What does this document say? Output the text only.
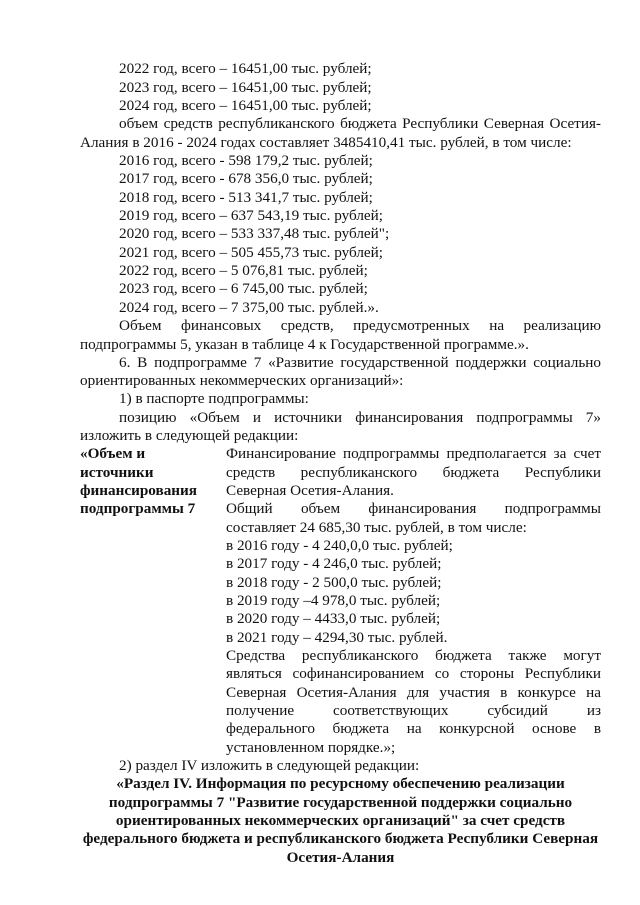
2022 год, всего – 16451,00 тыс. рублей;
2023 год, всего – 16451,00 тыс. рублей;
2024 год, всего – 16451,00 тыс. рублей;
объем средств республиканского бюджета Республики Северная Осетия-
Алания в 2016 - 2024 годах составляет 3485410,41 тыс. рублей, в том числе:
2016 год, всего - 598 179,2 тыс. рублей;
2017 год, всего - 678 356,0 тыс. рублей;
2018 год, всего - 513 341,7 тыс. рублей;
2019 год, всего – 637 543,19 тыс. рублей;
2020 год, всего – 533 337,48 тыс. рублей";
2021 год, всего – 505 455,73 тыс. рублей;
2022 год, всего – 5 076,81 тыс. рублей;
2023 год, всего – 6 745,00 тыс. рублей;
2024 год, всего – 7 375,00 тыс. рублей.».
Объем финансовых средств, предусмотренных на реализацию
подпрограммы 5, указан в таблице 4 к Государственной программе.».
6. В подпрограмме 7 «Развитие государственной поддержки социально
ориентированных некоммерческих организаций»:
1) в паспорте подпрограммы:
позицию «Объем и источники финансирования подпрограммы 7»
изложить в следующей редакции:
«Объем и
источники
финансирования
подпрограммы 7
Финансирование подпрограммы предполагается за счет
средств республиканского бюджета Республики
Северная Осетия-Алания.
Общий объем финансирования подпрограммы
составляет 24 685,30 тыс. рублей, в том числе:
в 2016 году - 4 240,0,0 тыс. рублей;
в 2017 году - 4 246,0 тыс. рублей;
в 2018 году - 2 500,0 тыс. рублей;
в 2019 году –4 978,0 тыс. рублей;
в 2020 году – 4433,0 тыс. рублей;
в 2021 году – 4294,30 тыс. рублей.
Средства республиканского бюджета также могут
являться софинансированием со стороны Республики
Северная Осетия-Алания для участия в конкурсе на
получение соответствующих субсидий из
федерального бюджета на конкурсной основе в
установленном порядке.»;
2) раздел IV изложить в следующей редакции:
«Раздел IV. Информация по ресурсному обеспечению реализации
подпрограммы 7 "Развитие государственной поддержки социально
ориентированных некоммерческих организаций" за счет средств
федерального бюджета и республиканского бюджета Республики Северная
Осетия-Алания
